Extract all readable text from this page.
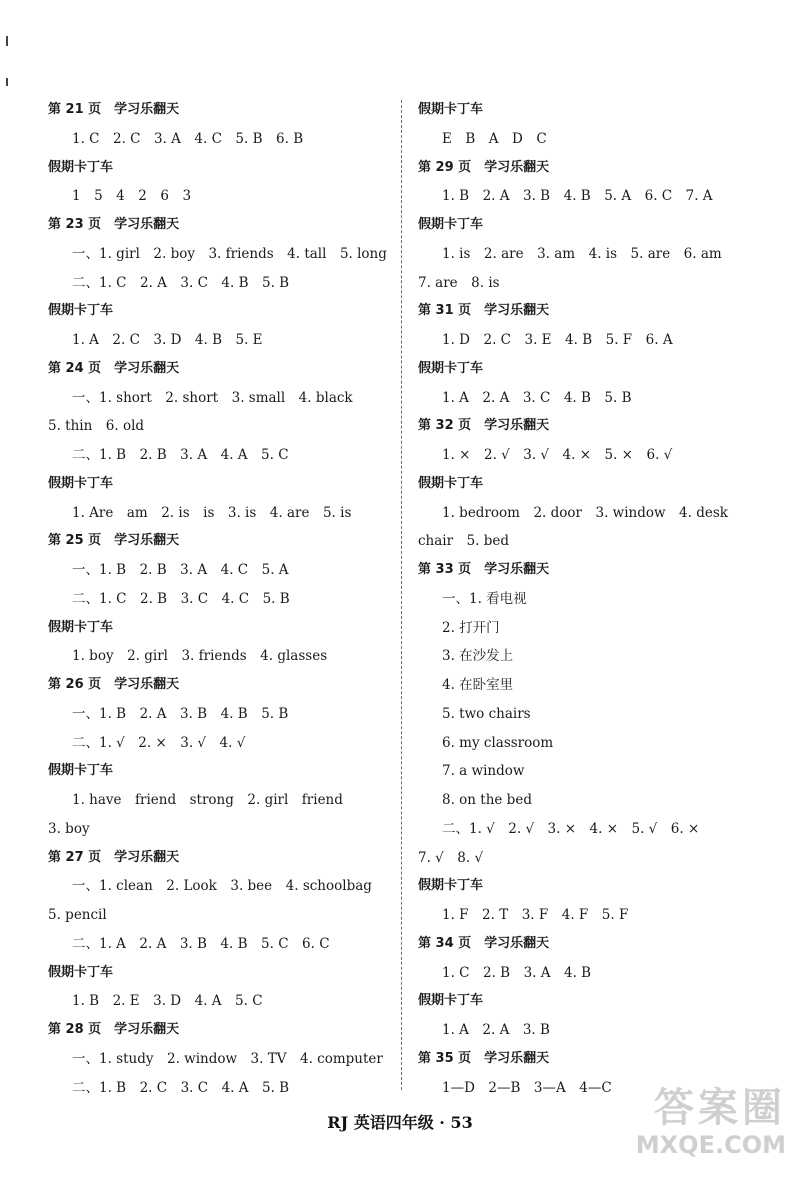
第 21 页　学习乐翻天
1. C　2. C　3. A　4. C　5. B　6. B
假期卡丁车
1　5　4　2　6　3
第 23 页　学习乐翻天
一、1. girl　2. boy　3. friends　4. tall　5. long
二、1. C　2. A　3. C　4. B　5. B
假期卡丁车
1. A　2. C　3. D　4. B　5. E
第 24 页　学习乐翻天
一、1. short　2. short　3. small　4. black
5. thin　6. old
二、1. B　2. B　3. A　4. A　5. C
假期卡丁车
1. Are　am　2. is　is　3. is　4. are　5. is
第 25 页　学习乐翻天
一、1. B　2. B　3. A　4. C　5. A
二、1. C　2. B　3. C　4. C　5. B
假期卡丁车
1. boy　2. girl　3. friends　4. glasses
第 26 页　学习乐翻天
一、1. B　2. A　3. B　4. B　5. B
二、1. √　2. ×　3. √　4. √
假期卡丁车
1. have　friend　strong　2. girl　friend
3. boy
第 27 页　学习乐翻天
一、1. clean　2. Look　3. bee　4. schoolbag
5. pencil
二、1. A　2. A　3. B　4. B　5. C　6. C
假期卡丁车
1. B　2. E　3. D　4. A　5. C
第 28 页　学习乐翻天
一、1. study　2. window　3. TV　4. computer
二、1. B　2. C　3. C　4. A　5. B
假期卡丁车
E　B　A　D　C
第 29 页　学习乐翻天
1. B　2. A　3. B　4. B　5. A　6. C　7. A
假期卡丁车
1. is　2. are　3. am　4. is　5. are　6. am
7. are　8. is
第 31 页　学习乐翻天
1. D　2. C　3. E　4. B　5. F　6. A
假期卡丁车
1. A　2. A　3. C　4. B　5. B
第 32 页　学习乐翻天
1. ×　2. √　3. √　4. ×　5. ×　6. √
假期卡丁车
1. bedroom　2. door　3. window　4. desk
chair　5. bed
第 33 页　学习乐翻天
一、1. 看电视
2. 打开门
3. 在沙发上
4. 在卧室里
5. two chairs
6. my classroom
7. a window
8. on the bed
二、1. √　2. √　3. ×　4. ×　5. √　6. ×
7. √　8. √
假期卡丁车
1. F　2. T　3. F　4. F　5. F
第 34 页　学习乐翻天
1. C　2. B　3. A　4. B
假期卡丁车
1. A　2. A　3. B
第 35 页　学习乐翻天
1—D　2—B　3—A　4—C
RJ 英语四年级 · 53	答案圈
MXQE.COM
